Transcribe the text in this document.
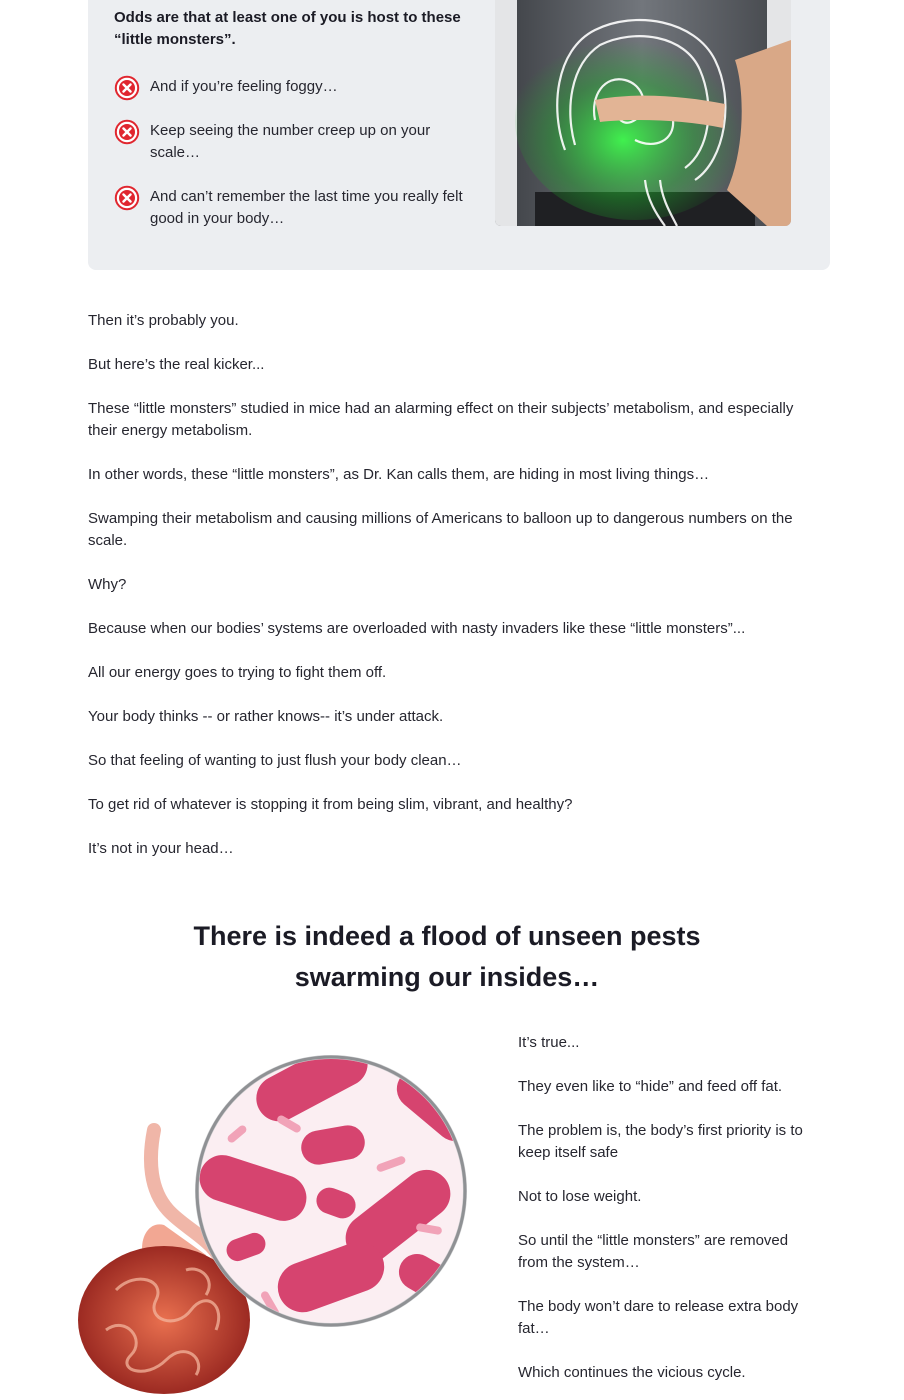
Odds are that at least one of you is host to these “little monsters”.
And if you’re feeling foggy…
Keep seeing the number creep up on your scale…
And can’t remember the last time you really felt good in your body…

Then it’s probably you.

But here’s the real kicker...

These “little monsters” studied in mice had an alarming effect on their subjects’ metabolism, and especially their energy metabolism.

In other words, these “little monsters”, as Dr. Kan calls them, are hiding in most living things…

Swamping their metabolism and causing millions of Americans to balloon up to dangerous numbers on the scale.

Why?

Because when our bodies’ systems are overloaded with nasty invaders like these “little monsters”...

All our energy goes to trying to fight them off.

Your body thinks -- or rather knows-- it’s under attack.

So that feeling of wanting to just flush your body clean…

To get rid of whatever is stopping it from being slim, vibrant, and healthy?

It’s not in your head…

There is indeed a flood of unseen pests
swarming our insides…

It’s true...

They even like to “hide” and feed off fat.

The problem is, the body’s first priority is to keep itself safe

Not to lose weight.

So until the “little monsters” are removed from the system…

The body won’t dare to release extra body fat…

Which continues the vicious cycle.
